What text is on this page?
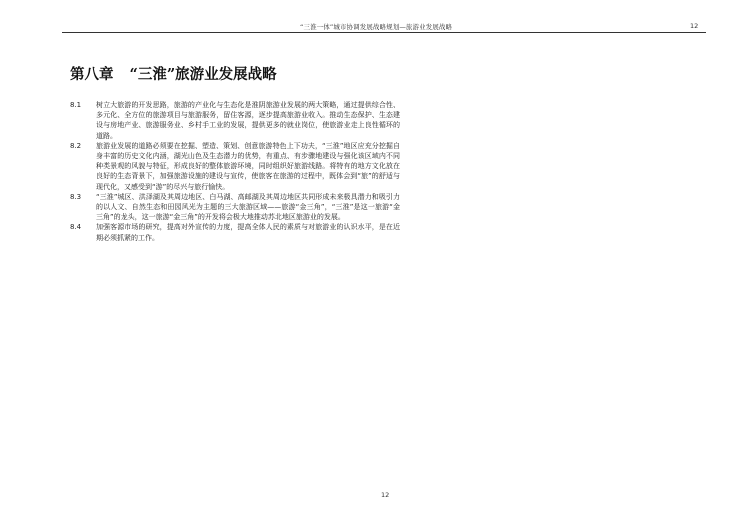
“三淮一体”城市协调发展战略规划—旅游业发展战略	12
第八章 “三淮”旅游业发展战略
8.1 树立大旅游的开发思路，旅游的产业化与生态化是淮阴旅游业发展的两大策略，通过提供综合性、多元化、全方位的旅游项目与旅游服务，留住客源，逐步提高旅游业收入。推动生态保护、生态建设与房地产业、旅游服务业、乡村手工业的发展，提供更多的就业岗位，使旅游业走上良性循环的道路。
8.2 旅游业发展的道路必须要在挖掘、塑造、策划、创意旅游特色上下功夫，“三淮”地区应充分挖掘自身丰富的历史文化内涵，湖光山色及生态潜力的优势，有重点、有步骤地建设与强化该区域内不同种类景观的风貌与特征，形成良好的整体旅游环境，同时组织好旅游线路。将特有的地方文化放在良好的生态背景下，加强旅游设施的建设与宣传，使旅客在旅游的过程中，既体会到“旅”的舒适与现代化，又感受到“游”的尽兴与旅行愉快。
8.3 “三淮”城区、洪泽湖及其周边地区、白马湖、高邮湖及其周边地区共同形成未来极具潜力和吸引力的以人文、自然生态和田园风光为主题的三大旅游区域——旅游“金三角”，“三淮”是这一旅游“金三角”的龙头，这一旅游“金三角”的开发将会极大地推动苏北地区旅游业的发展。
8.4 加强客源市场的研究，提高对外宣传的力度，提高全体人民的素质与对旅游业的认识水平，是在近期必须抓紧的工作。
12
